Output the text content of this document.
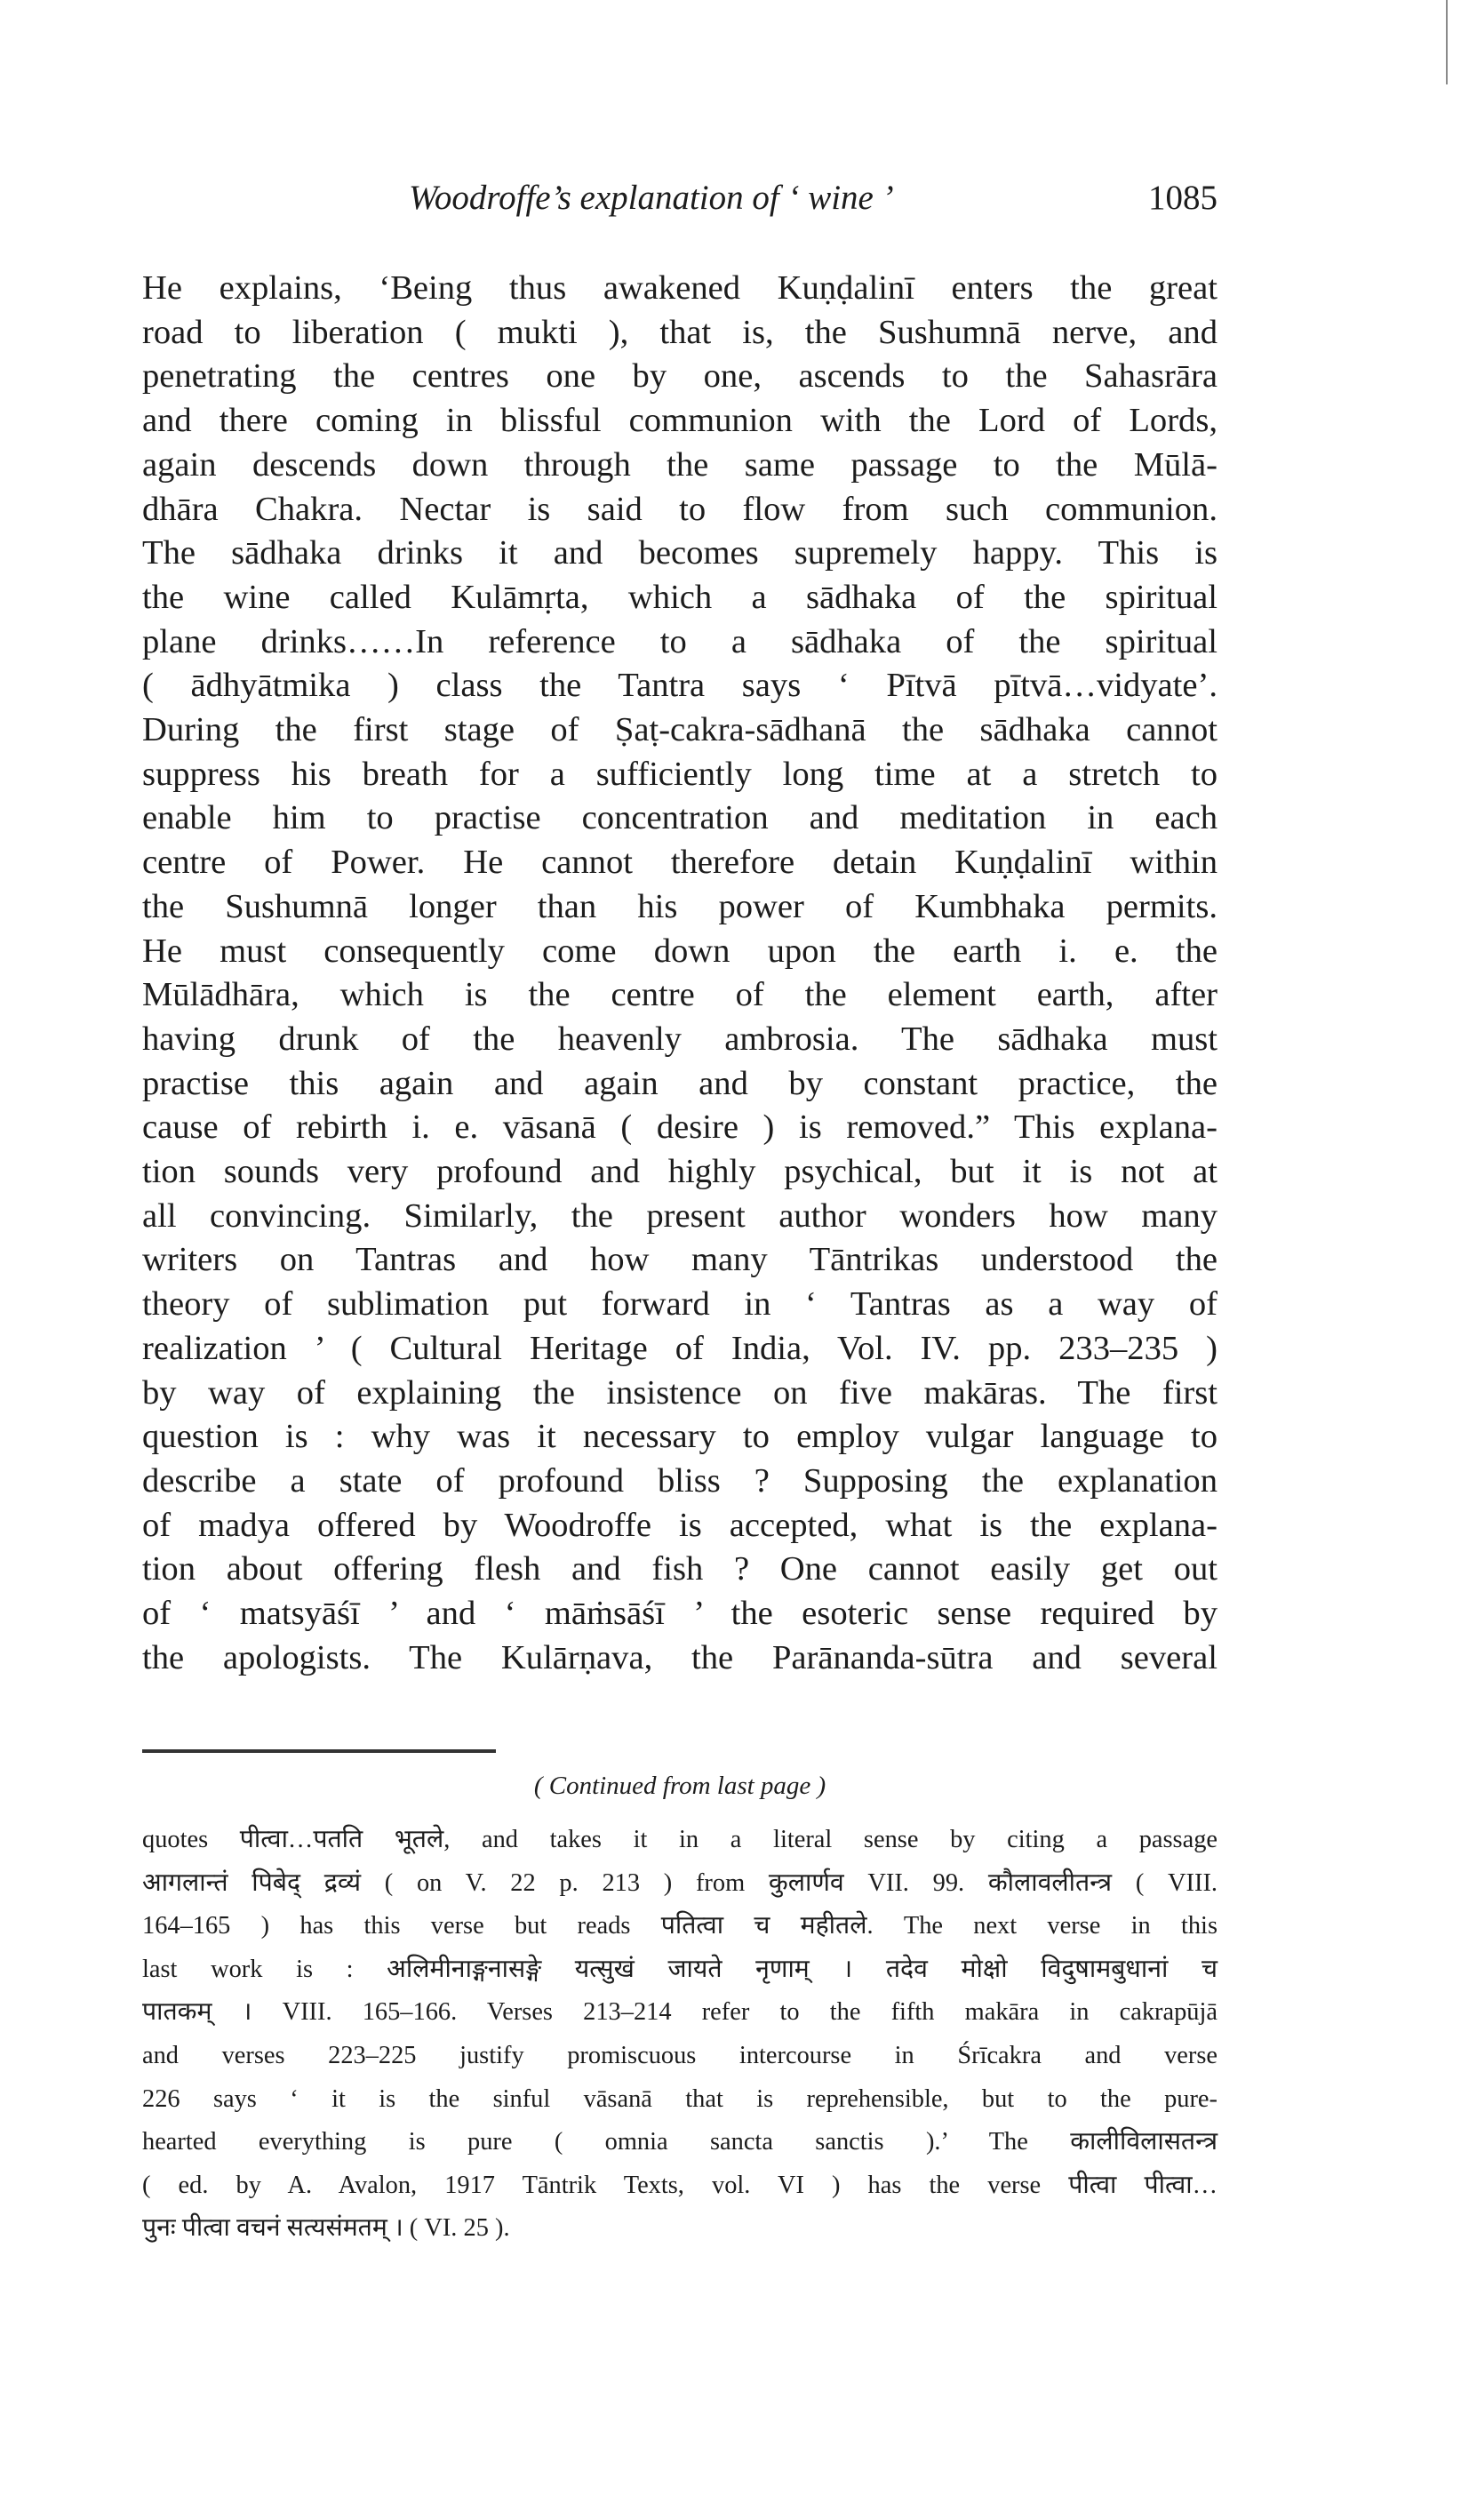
Woodroffe’s explanation of ‘ wine ’	1085
He explains, ‘Being thus awakened Kuṇḍalinī enters the great
road to liberation ( mukti ), that is, the Sushumnā nerve, and
penetrating the centres one by one, ascends to the Sahasrāra
and there coming in blissful communion with the Lord of Lords,
again descends down through the same passage to the Mūlā-
dhāra Chakra. Nectar is said to flow from such communion.
The sādhaka drinks it and becomes supremely happy. This is
the wine called Kulāmṛta, which a sādhaka of the spiritual
plane drinks……In reference to a sādhaka of the spiritual
( ādhyātmika ) class the Tantra says ‘ Pītvā pītvā…vidyate’.
During the first stage of Ṣaṭ-cakra-sādhanā the sādhaka cannot
suppress his breath for a sufficiently long time at a stretch to
enable him to practise concentration and meditation in each
centre of Power. He cannot therefore detain Kuṇḍalinī within
the Sushumnā longer than his power of Kumbhaka permits.
He must consequently come down upon the earth i. e. the
Mūlādhāra, which is the centre of the element earth, after
having drunk of the heavenly ambrosia. The sādhaka must
practise this again and again and by constant practice, the
cause of rebirth i. e. vāsanā ( desire ) is removed.” This explana-
tion sounds very profound and highly psychical, but it is not at
all convincing. Similarly, the present author wonders how many
writers on Tantras and how many Tāntrikas understood the
theory of sublimation put forward in ‘ Tantras as a way of
realization ’ ( Cultural Heritage of India, Vol. IV. pp. 233–235 )
by way of explaining the insistence on five makāras. The first
question is : why was it necessary to employ vulgar language to
describe a state of profound bliss ? Supposing the explanation
of madya offered by Woodroffe is accepted, what is the explana-
tion about offering flesh and fish ? One cannot easily get out
of ‘ matsyāśī ’ and ‘ māṁsāśī ’ the esoteric sense required by
the apologists. The Kulārṇava, the Parānanda-sūtra and several
( Continued from last page )
quotes पीत्वा…पतति भूतले, and takes it in a literal sense by citing a passage
आगलान्तं पिबेद् द्रव्यं ( on V. 22 p. 213 ) from कुलार्णव VII. 99. कौलावलीतन्त्र ( VIII.
164–165 ) has this verse but reads पतित्वा च महीतले. The next verse in this
last work is : अलिमीनाङ्गनासङ्गे यत्सुखं जायते नृणाम् । तदेव मोक्षो विदुषामबुधानां च
पातकम् । VIII. 165–166. Verses 213–214 refer to the fifth makāra in cakrapūjā
and verses 223–225 justify promiscuous intercourse in Śrīcakra and verse
226 says ‘ it is the sinful vāsanā that is reprehensible, but to the pure-
hearted everything is pure ( omnia sancta sanctis ).’ The कालीविलासतन्त्र
( ed. by A. Avalon, 1917 Tāntrik Texts, vol. VI ) has the verse पीत्वा पीत्वा…
पुनः पीत्वा वचनं सत्यसंमतम् । ( VI. 25 ).
